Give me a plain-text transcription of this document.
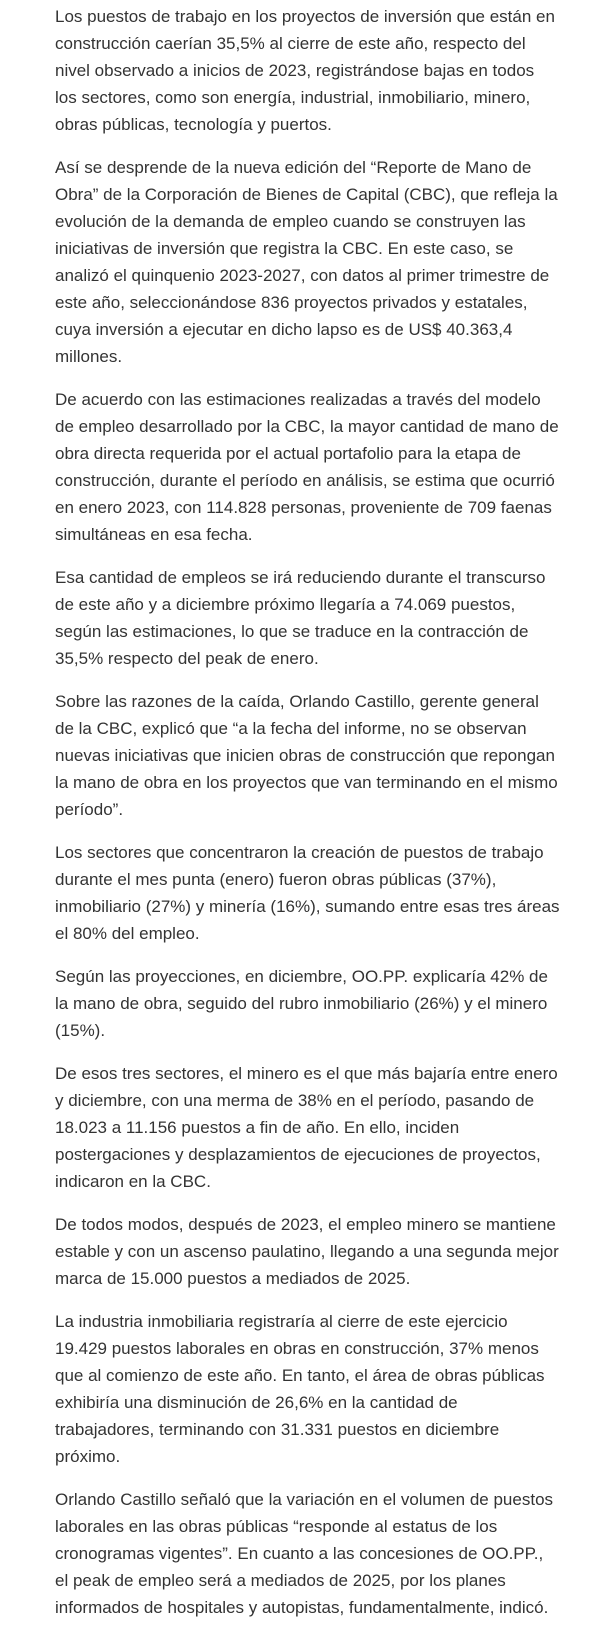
Los puestos de trabajo en los proyectos de inversión que están en construcción caerían 35,5% al cierre de este año, respecto del nivel observado a inicios de 2023, registrándose bajas en todos los sectores, como son energía, industrial, inmobiliario, minero, obras públicas, tecnología y puertos.

Así se desprende de la nueva edición del “Reporte de Mano de Obra” de la Corporación de Bienes de Capital (CBC), que refleja la evolución de la demanda de empleo cuando se construyen las iniciativas de inversión que registra la CBC. En este caso, se analizó el quinquenio 2023-2027, con datos al primer trimestre de este año, seleccionándose 836 proyectos privados y estatales, cuya inversión a ejecutar en dicho lapso es de US$ 40.363,4 millones.

De acuerdo con las estimaciones realizadas a través del modelo de empleo desarrollado por la CBC, la mayor cantidad de mano de obra directa requerida por el actual portafolio para la etapa de construcción, durante el período en análisis, se estima que ocurrió en enero 2023, con 114.828 personas, proveniente de 709 faenas simultáneas en esa fecha.

Esa cantidad de empleos se irá reduciendo durante el transcurso de este año y a diciembre próximo llegaría a 74.069 puestos, según las estimaciones, lo que se traduce en la contracción de 35,5% respecto del peak de enero.

Sobre las razones de la caída, Orlando Castillo, gerente general de la CBC, explicó que “a la fecha del informe, no se observan nuevas iniciativas que inicien obras de construcción que repongan la mano de obra en los proyectos que van terminando en el mismo período”.

Los sectores que concentraron la creación de puestos de trabajo durante el mes punta (enero) fueron obras públicas (37%), inmobiliario (27%) y minería (16%), sumando entre esas tres áreas el 80% del empleo.

Según las proyecciones, en diciembre, OO.PP. explicaría 42% de la mano de obra, seguido del rubro inmobiliario (26%) y el minero (15%).

De esos tres sectores, el minero es el que más bajaría entre enero y diciembre, con una merma de 38% en el período, pasando de 18.023 a 11.156 puestos a fin de año. En ello, inciden postergaciones y desplazamientos de ejecuciones de proyectos, indicaron en la CBC.

De todos modos, después de 2023, el empleo minero se mantiene estable y con un ascenso paulatino, llegando a una segunda mejor marca de 15.000 puestos a mediados de 2025.

La industria inmobiliaria registraría al cierre de este ejercicio 19.429 puestos laborales en obras en construcción, 37% menos que al comienzo de este año. En tanto, el área de obras públicas exhibiría una disminución de 26,6% en la cantidad de trabajadores, terminando con 31.331 puestos en diciembre próximo.

Orlando Castillo señaló que la variación en el volumen de puestos laborales en las obras públicas “responde al estatus de los cronogramas vigentes”. En cuanto a las concesiones de OO.PP., el peak de empleo será a mediados de 2025, por los planes informados de hospitales y autopistas, fundamentalmente, indicó.
